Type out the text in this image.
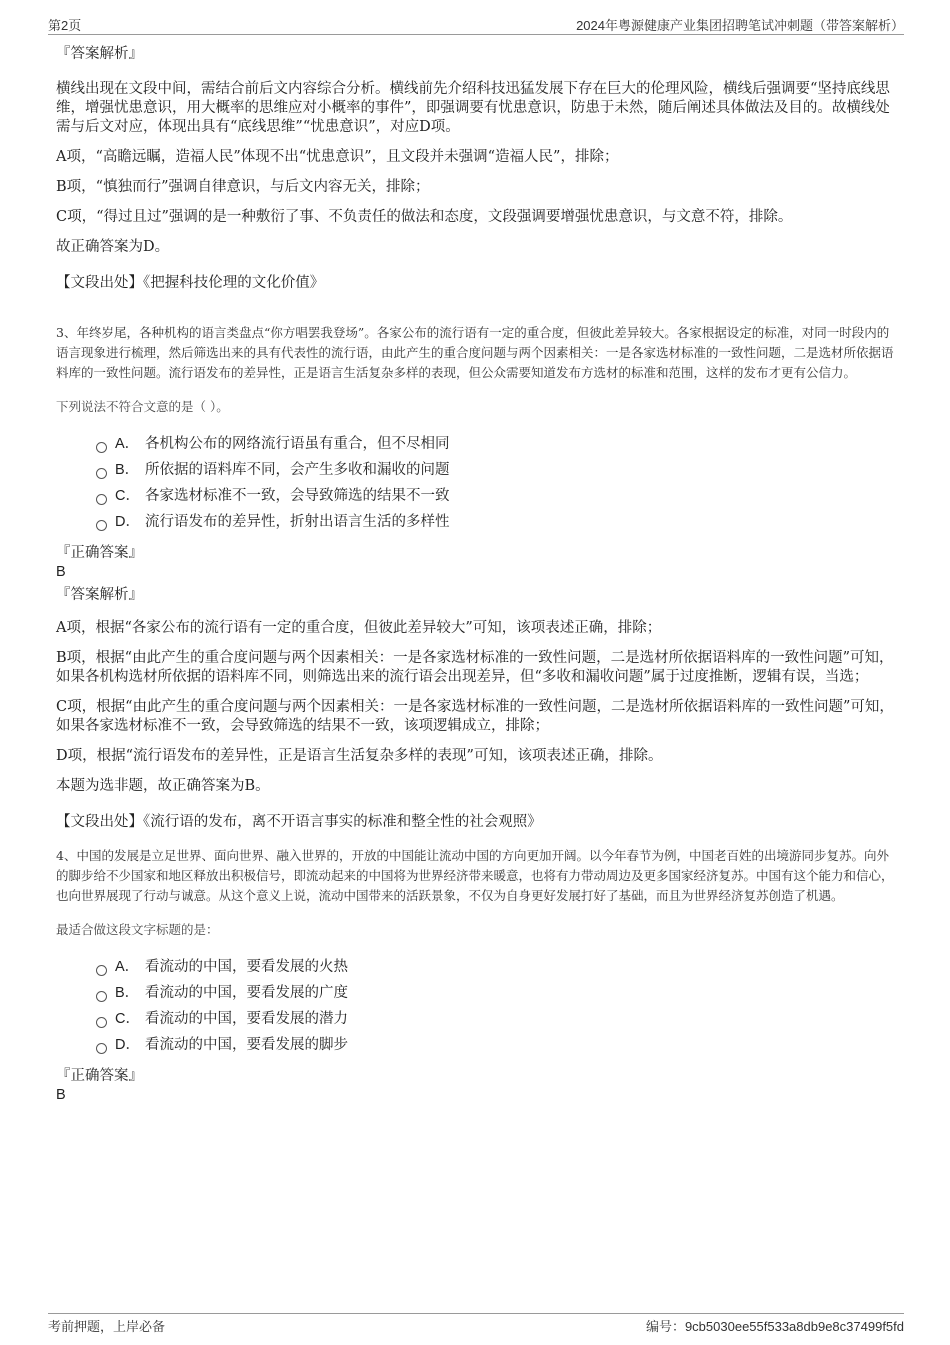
第2页	2024年粤源健康产业集团招聘笔试冲刺题（带答案解析）
『答案解析』
横线出现在文段中间，需结合前后文内容综合分析。横线前先介绍科技迅猛发展下存在巨大的伦理风险，横线后强调要“坚持底线思维，增强忧患意识，用大概率的思维应对小概率的事件”，即强调要有忧患意识，防患于未然，随后阐述具体做法及目的。故横线处需与后文对应，体现出具有“底线思维”“忧患意识”，对应D项。
A项，“高瞻远瞩，造福人民”体现不出“忧患意识”，且文段并未强调“造福人民”，排除；
B项，“慎独而行”强调自律意识，与后文内容无关，排除；
C项，“得过且过”强调的是一种敷衍了事、不负责任的做法和态度，文段强调要增强忧患意识，与文意不符，排除。
故正确答案为D。
【文段出处】《把握科技伦理的文化价值》
3、年终岁尾，各种机构的语言类盘点“你方唱罢我登场”。各家公布的流行语有一定的重合度，但彼此差异较大。各家根据设定的标准，对同一时段内的语言现象进行梳理，然后筛选出来的具有代表性的流行语，由此产生的重合度问题与两个因素相关：一是各家选材标准的一致性问题，二是选材所依据语料库的一致性问题。流行语发布的差异性，正是语言生活复杂多样的表现，但公众需要知道发布方选材的标准和范围，这样的发布才更有公信力。
下列说法不符合文意的是（ ）。
A． 各机构公布的网络流行语虽有重合，但不尽相同
B． 所依据的语料库不同，会产生多收和漏收的问题
C． 各家选材标准不一致，会导致筛选的结果不一致
D． 流行语发布的差异性，折射出语言生活的多样性
『正确答案』
B
『答案解析』
A项，根据“各家公布的流行语有一定的重合度，但彼此差异较大”可知，该项表述正确，排除；
B项，根据“由此产生的重合度问题与两个因素相关：一是各家选材标准的一致性问题，二是选材所依据语料库的一致性问题”可知，如果各机构选材所依据的语料库不同，则筛选出来的流行语会出现差异，但“多收和漏收问题”属于过度推断，逻辑有误，当选；
C项，根据“由此产生的重合度问题与两个因素相关：一是各家选材标准的一致性问题，二是选材所依据语料库的一致性问题”可知，如果各家选材标准不一致，会导致筛选的结果不一致，该项逻辑成立，排除；
D项，根据“流行语发布的差异性，正是语言生活复杂多样的表现”可知，该项表述正确，排除。
本题为选非题，故正确答案为B。
【文段出处】《流行语的发布，离不开语言事实的标准和整全性的社会观照》
4、中国的发展是立足世界、面向世界、融入世界的，开放的中国能让流动中国的方向更加开阔。以今年春节为例，中国老百姓的出境游同步复苏。向外的脚步给不少国家和地区释放出积极信号，即流动起来的中国将为世界经济带来暖意，也将有力带动周边及更多国家经济复苏。中国有这个能力和信心，也向世界展现了行动与诚意。从这个意义上说，流动中国带来的活跃景象，不仅为自身更好发展打好了基础，而且为世界经济复苏创造了机遇。
最适合做这段文字标题的是：
A． 看流动的中国，要看发展的火热
B． 看流动的中国，要看发展的广度
C． 看流动的中国，要看发展的潜力
D． 看流动的中国，要看发展的脚步
『正确答案』
B
考前押题，上岸必备	编号：9cb5030ee55f533a8db9e8c37499f5fd
